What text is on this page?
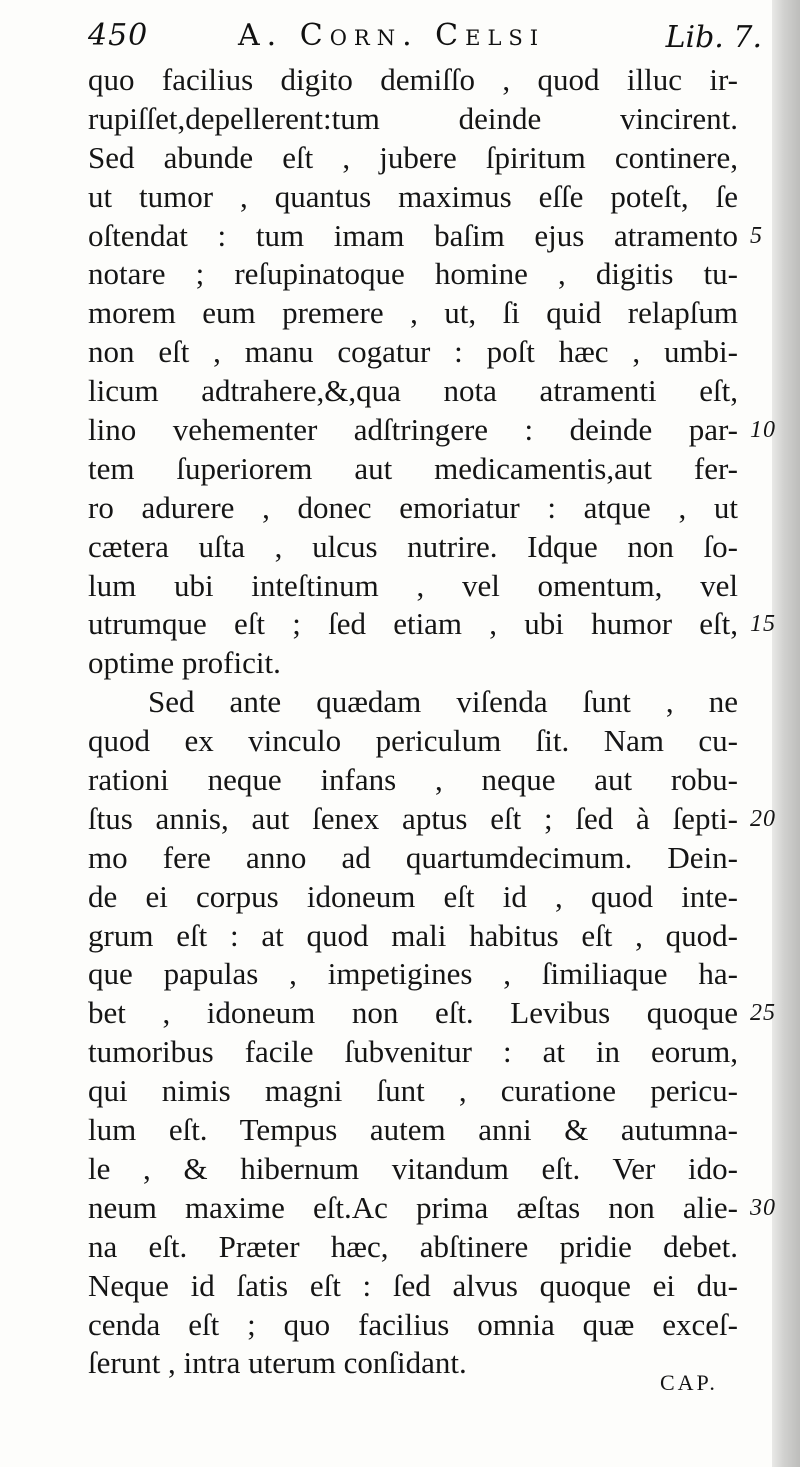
450	A. Corn. Celsi	Lib. 7.
quo facilius digito demiſſo , quod illuc ir-
rupiſſet,depellerent:tum deinde vincirent.
Sed abunde eſt , jubere ſpiritum continere,
ut tumor , quantus maximus eſſe poteſt, ſe
oſtendat : tum imam baſim ejus atramento 5
notare ; reſupinatoque homine , digitis tu-
morem eum premere , ut, ſi quid relapſum
non eſt , manu cogatur : poſt hæc , umbi-
licum adtrahere,&,qua nota atramenti eſt,
lino vehementer adſtringere : deinde par- 10
tem ſuperiorem aut medicamentis,aut fer-
ro adurere , donec emoriatur : atque , ut
cætera uſta , ulcus nutrire. Idque non ſo-
lum ubi inteſtinum , vel omentum, vel
utrumque eſt ; ſed etiam , ubi humor eſt, 15
optime proficit.
Sed ante quædam viſenda ſunt , ne
quod ex vinculo periculum ſit. Nam cu-
rationi neque infans , neque aut robu-
ſtus annis, aut ſenex aptus eſt ; ſed à ſepti- 20
mo fere anno ad quartumdecimum. Dein-
de ei corpus idoneum eſt id , quod inte-
grum eſt : at quod mali habitus eſt , quod-
que papulas , impetigines , ſimiliaque ha-
bet , idoneum non eſt. Levibus quoque 25
tumoribus facile ſubvenitur : at in eorum,
qui nimis magni ſunt , curatione pericu-
lum eſt. Tempus autem anni & autumna-
le , & hibernum vitandum eſt. Ver ido-
neum maxime eſt.Ac prima æſtas non alie- 30
na eſt. Præter hæc, abſtinere pridie debet.
Neque id ſatis eſt : ſed alvus quoque ei du-
cenda eſt ; quo facilius omnia quæ exceſ-
ſerunt , intra uterum conſidant.
CAP.
